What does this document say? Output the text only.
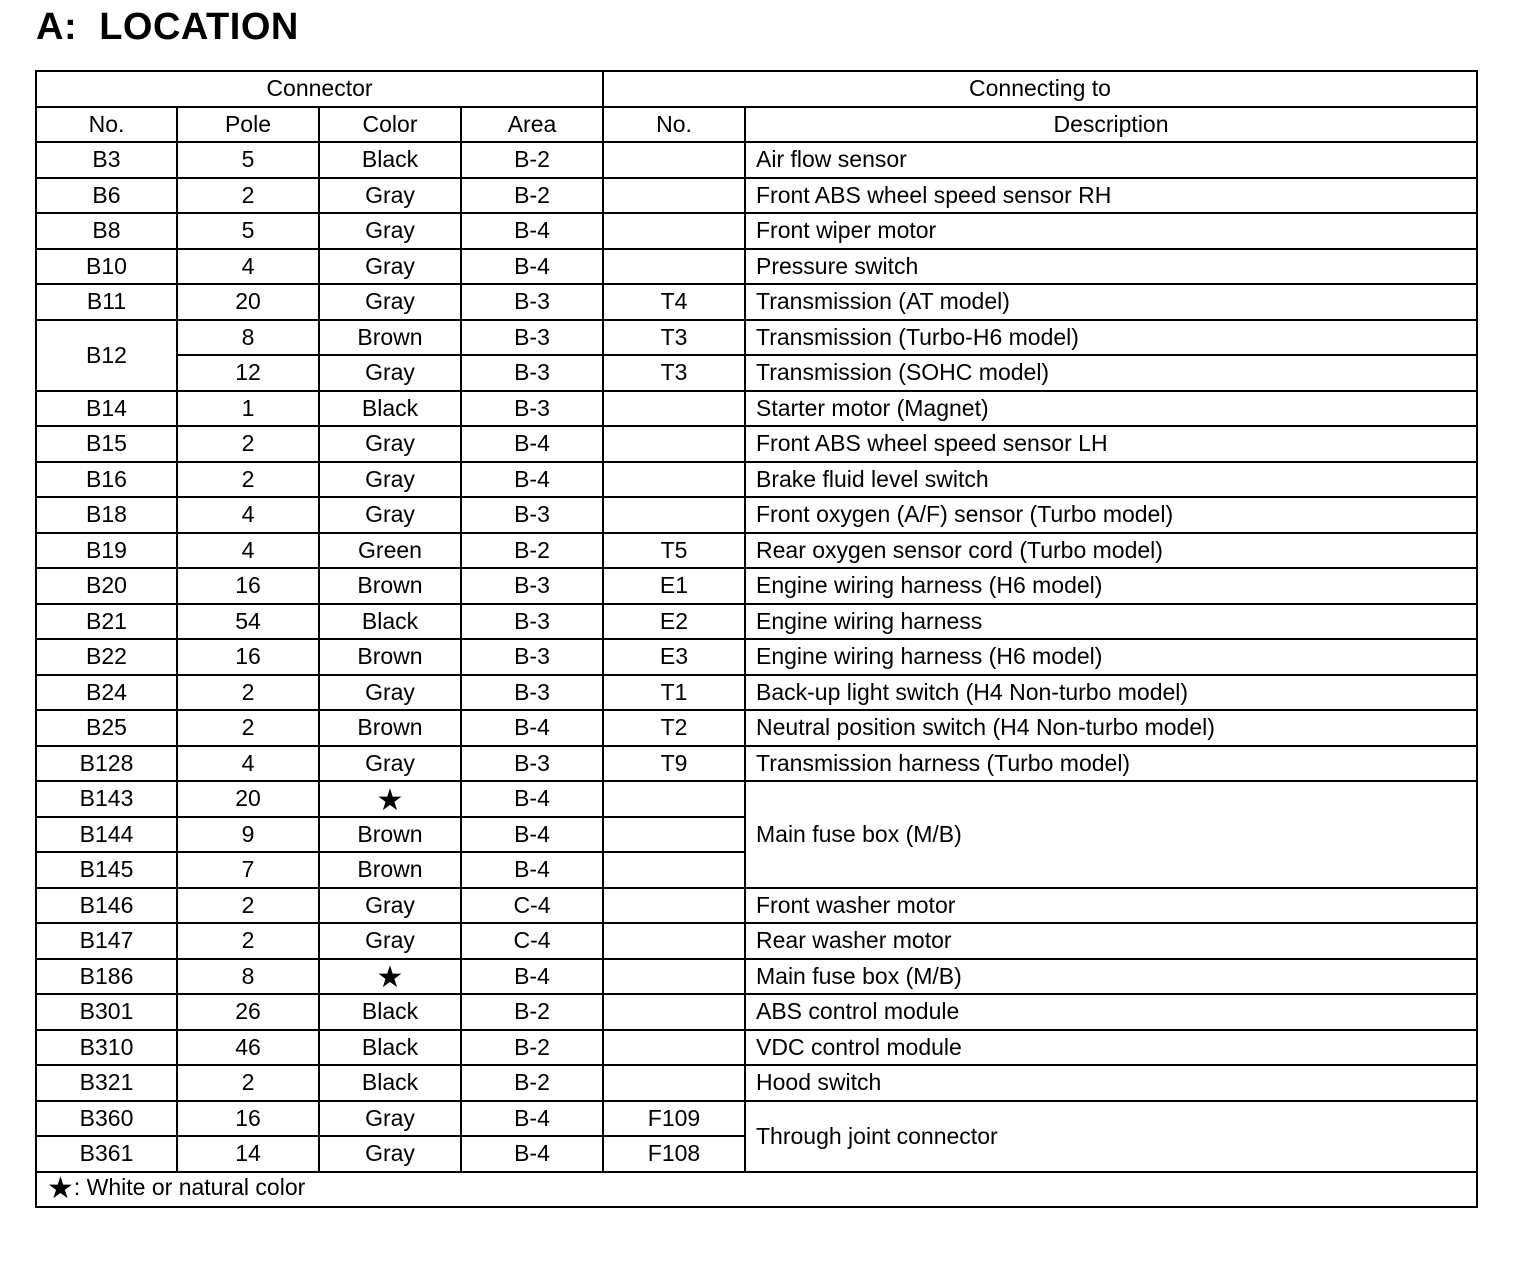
A:  LOCATION
Connector				Connecting to	
No.	Pole	Color	Area	No.	Description
B3	5	Black	B-2		Air flow sensor
B6	2	Gray	B-2		Front ABS wheel speed sensor RH
B8	5	Gray	B-4		Front wiper motor
B10	4	Gray	B-4		Pressure switch
B11	20	Gray	B-3	T4	Transmission (AT model)
B12	8	Brown	B-3	T3	Transmission (Turbo-H6 model)
	12	Gray	B-3	T3	Transmission (SOHC model)
B14	1	Black	B-3		Starter motor (Magnet)
B15	2	Gray	B-4		Front ABS wheel speed sensor LH
B16	2	Gray	B-4		Brake fluid level switch
B18	4	Gray	B-3		Front oxygen (A/F) sensor (Turbo model)
B19	4	Green	B-2	T5	Rear oxygen sensor cord (Turbo model)
B20	16	Brown	B-3	E1	Engine wiring harness (H6 model)
B21	54	Black	B-3	E2	Engine wiring harness
B22	16	Brown	B-3	E3	Engine wiring harness (H6 model)
B24	2	Gray	B-3	T1	Back-up light switch (H4 Non-turbo model)
B25	2	Brown	B-4	T2	Neutral position switch (H4 Non-turbo model)
B128	4	Gray	B-3	T9	Transmission harness (Turbo model)
B143	20	★	B-4		Main fuse box (M/B)
B144	9	Brown	B-4		
B145	7	Brown	B-4		
B146	2	Gray	C-4		Front washer motor
B147	2	Gray	C-4		Rear washer motor
B186	8	★	B-4		Main fuse box (M/B)
B301	26	Black	B-2		ABS control module
B310	46	Black	B-2		VDC control module
B321	2	Black	B-2		Hood switch
B360	16	Gray	B-4	F109	Through joint connector
B361	14	Gray	B-4	F108	
★: White or natural color					
